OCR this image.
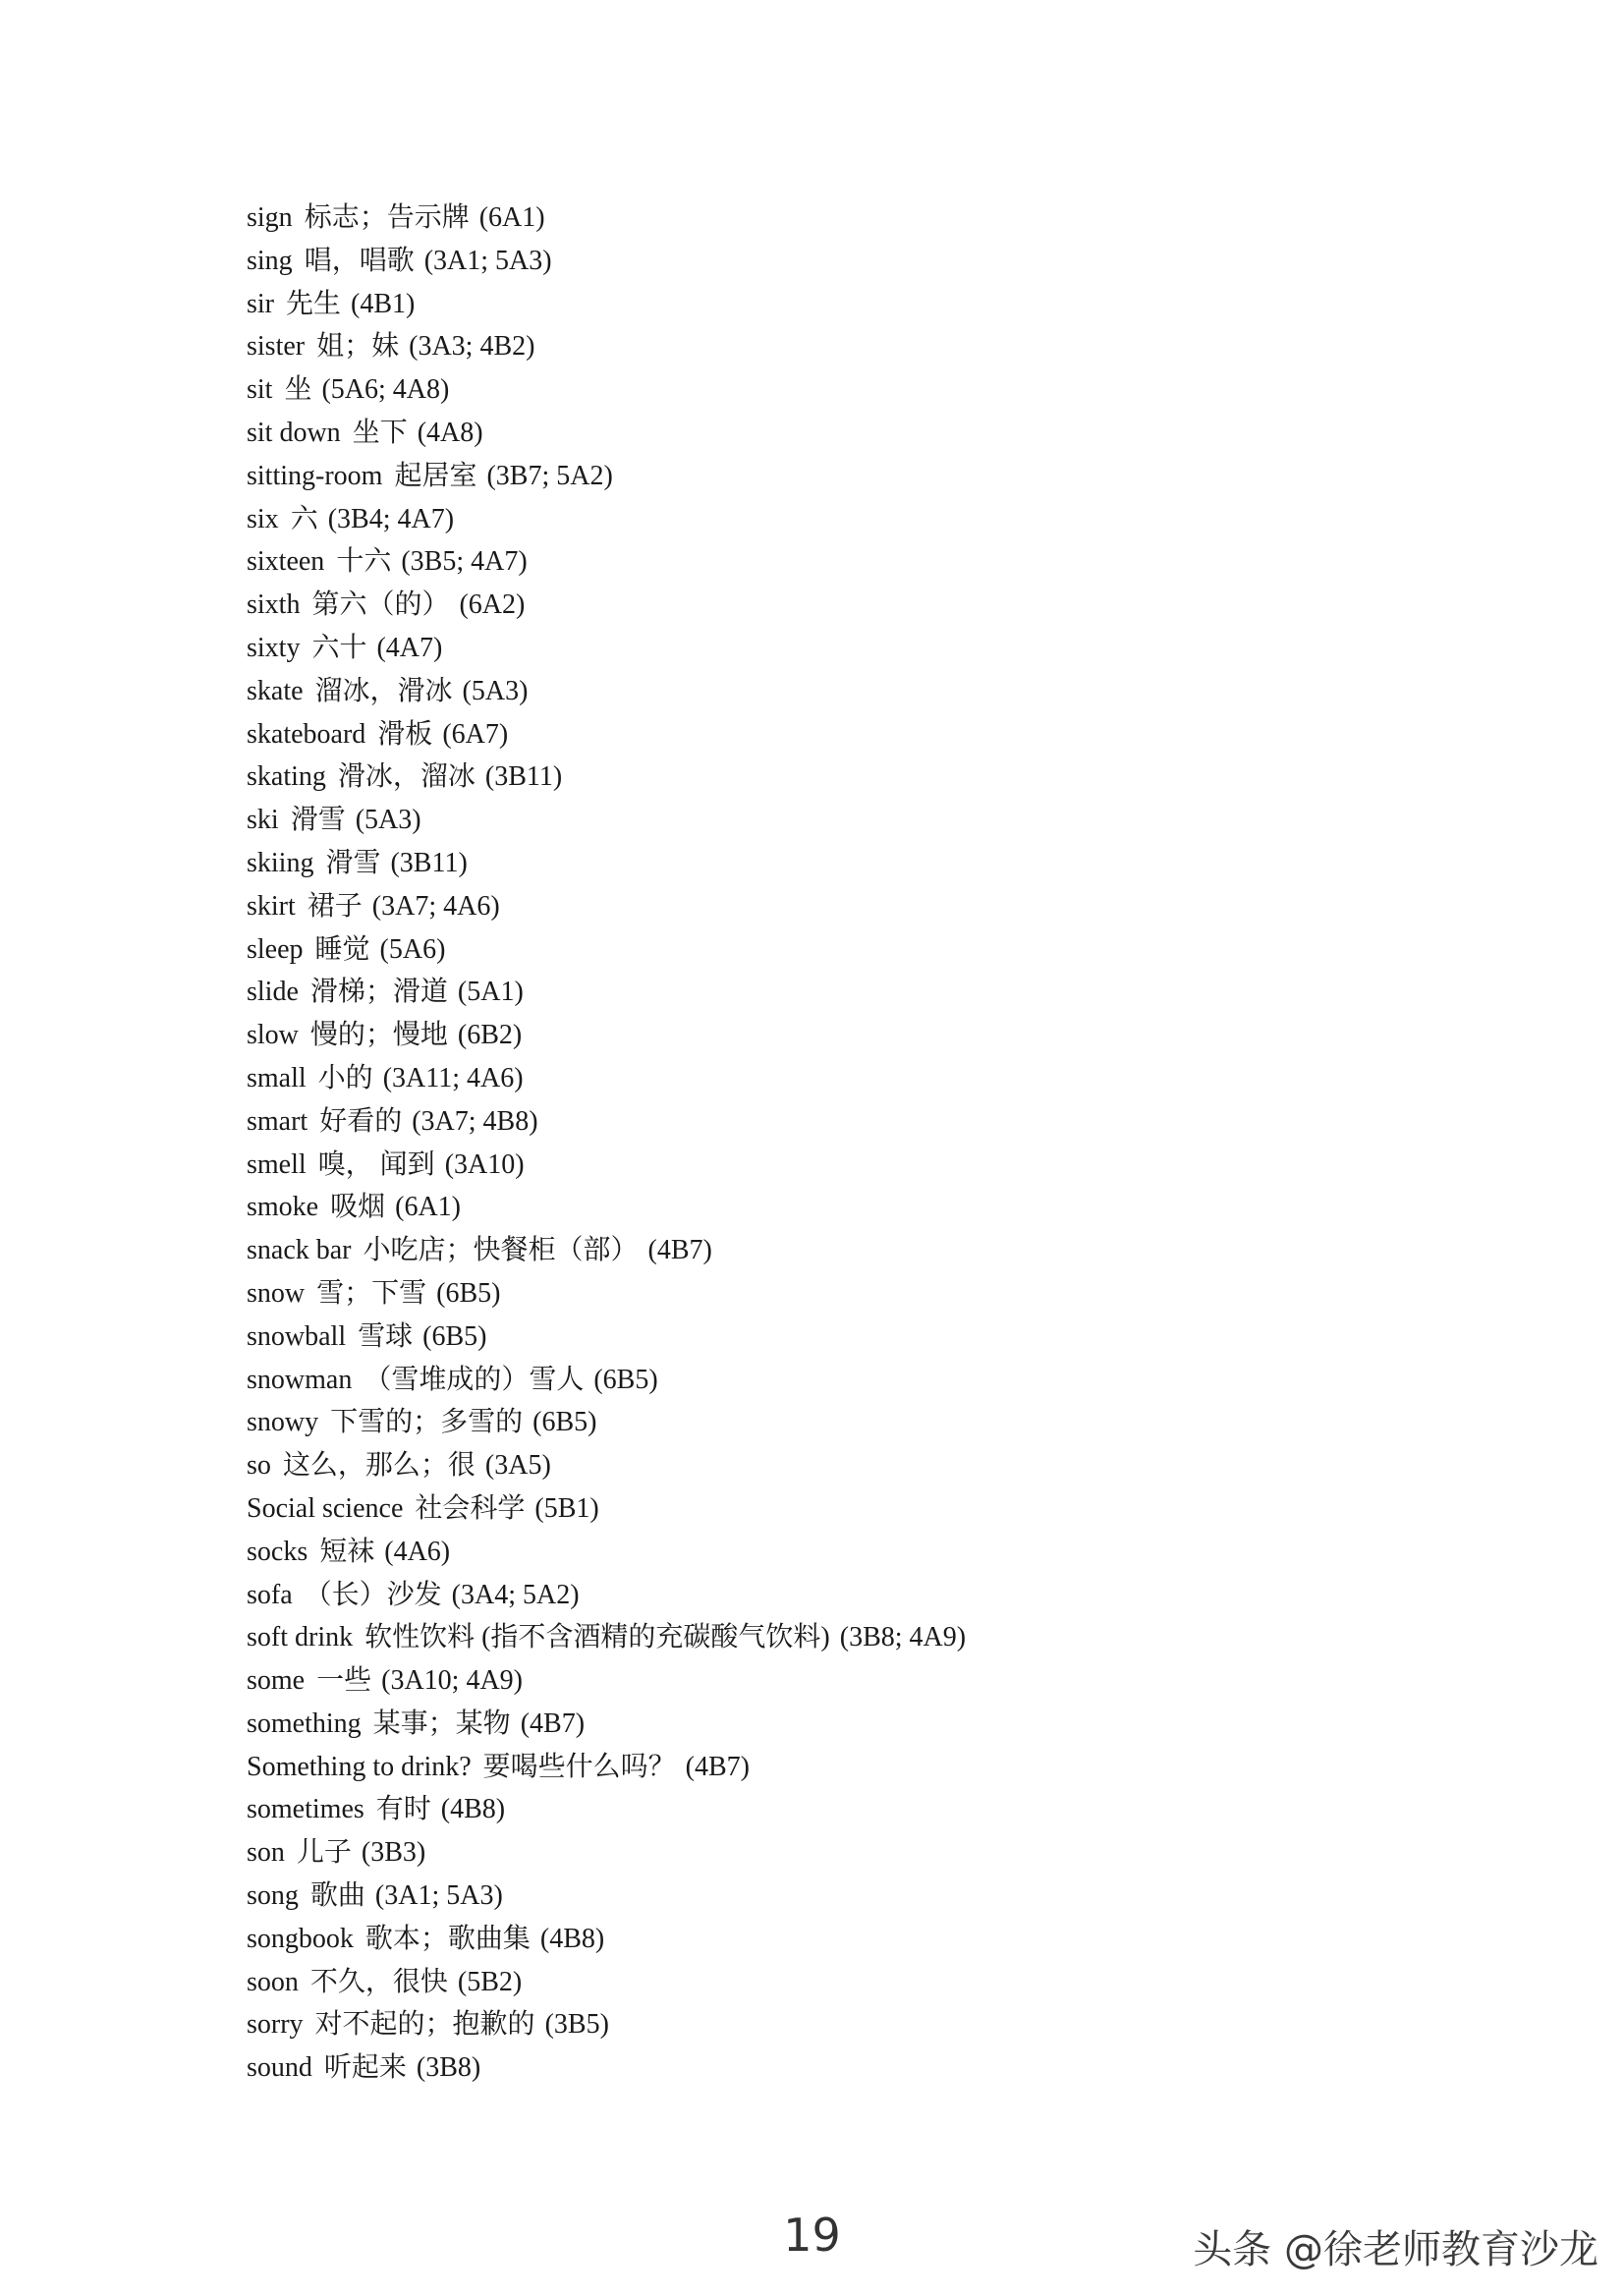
sign 标志；告示牌 (6A1)
sing 唱，唱歌 (3A1; 5A3)
sir 先生 (4B1)
sister 姐；妹 (3A3; 4B2)
sit 坐 (5A6; 4A8)
sit down 坐下 (4A8)
sitting-room 起居室 (3B7; 5A2)
six 六 (3B4; 4A7)
sixteen 十六 (3B5; 4A7)
sixth 第六（的） (6A2)
sixty 六十 (4A7)
skate 溜冰，滑冰 (5A3)
skateboard 滑板 (6A7)
skating 滑冰，溜冰 (3B11)
ski 滑雪 (5A3)
skiing 滑雪 (3B11)
skirt 裙子 (3A7; 4A6)
sleep 睡觉 (5A6)
slide 滑梯；滑道 (5A1)
slow 慢的；慢地 (6B2)
small 小的 (3A11; 4A6)
smart 好看的 (3A7; 4B8)
smell 嗅， 闻到 (3A10)
smoke 吸烟 (6A1)
snack bar 小吃店；快餐柜（部） (4B7)
snow 雪；下雪 (6B5)
snowball 雪球 (6B5)
snowman （雪堆成的）雪人 (6B5)
snowy 下雪的；多雪的 (6B5)
so 这么，那么；很 (3A5)
Social science 社会科学 (5B1)
socks 短袜 (4A6)
sofa （长）沙发 (3A4; 5A2)
soft drink 软性饮料 (指不含酒精的充碳酸气饮料) (3B8; 4A9)
some 一些 (3A10; 4A9)
something 某事；某物 (4B7)
Something to drink? 要喝些什么吗？ (4B7)
sometimes 有时 (4B8)
son 儿子 (3B3)
song 歌曲 (3A1; 5A3)
songbook 歌本；歌曲集 (4B8)
soon 不久，很快 (5B2)
sorry 对不起的；抱歉的 (3B5)
sound 听起来 (3B8)
19	头条 @徐老师教育沙龙
